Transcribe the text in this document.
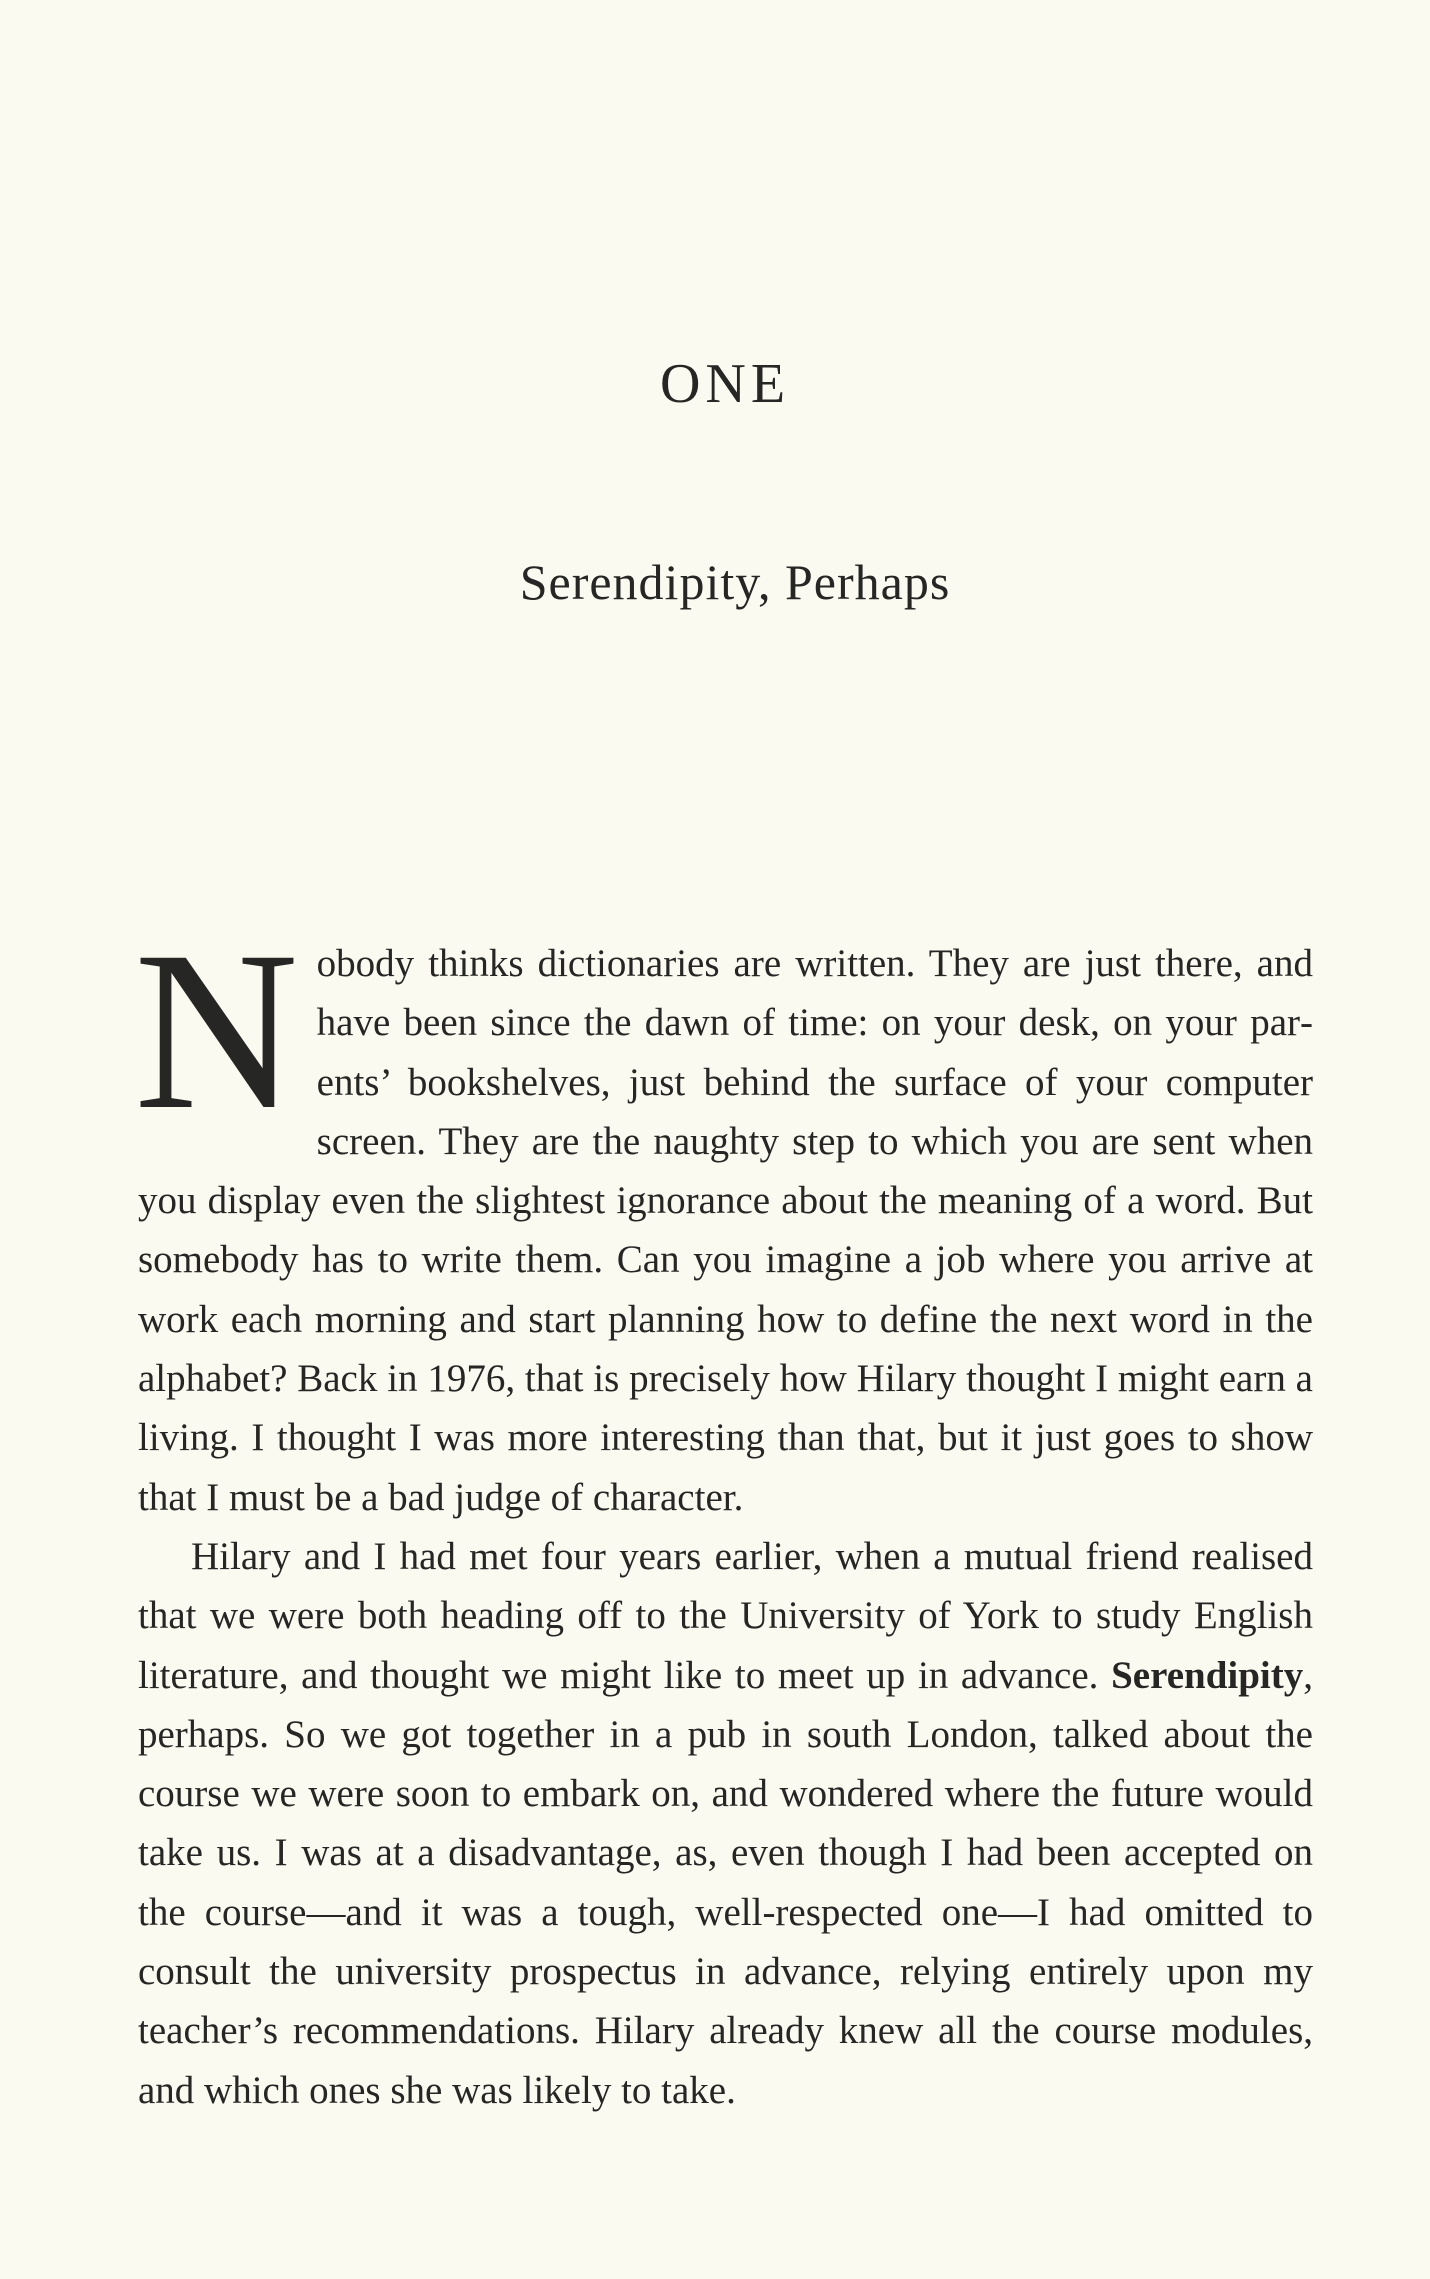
ONE
Serendipity, Perhaps

Nobody thinks dictionaries are written. They are just there, and have been since the dawn of time: on your desk, on your parents’ bookshelves, just behind the surface of your computer screen. They are the naughty step to which you are sent when you display even the slightest ignorance about the meaning of a word. But somebody has to write them. Can you imagine a job where you arrive at work each morning and start planning how to define the next word in the alphabet? Back in 1976, that is precisely how Hilary thought I might earn a living. I thought I was more interesting than that, but it just goes to show that I must be a bad judge of character.

Hilary and I had met four years earlier, when a mutual friend realised that we were both heading off to the University of York to study English literature, and thought we might like to meet up in advance. Serendipity, perhaps. So we got together in a pub in south London, talked about the course we were soon to embark on, and wondered where the future would take us. I was at a disadvantage, as, even though I had been accepted on the course—and it was a tough, well-respected one—I had omitted to consult the university prospectus in advance, relying entirely upon my teacher’s recommendations. Hilary already knew all the course modules, and which ones she was likely to take.
